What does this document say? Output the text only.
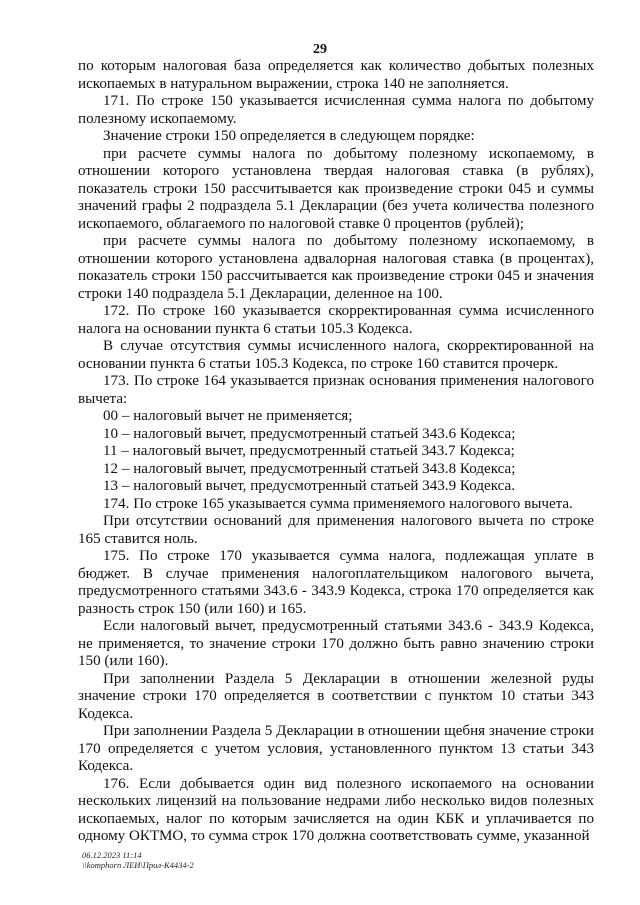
29

по которым налоговая база определяется как количество добытых полезных ископаемых в натуральном выражении, строка 140 не заполняется.

171. По строке 150 указывается исчисленная сумма налога по добытому полезному ископаемому.

Значение строки 150 определяется в следующем порядке:

при расчете суммы налога по добытому полезному ископаемому, в отношении которого установлена твердая налоговая ставка (в рублях), показатель строки 150 рассчитывается как произведение строки 045 и суммы значений графы 2 подраздела 5.1 Декларации (без учета количества полезного ископаемого, облагаемого по налоговой ставке 0 процентов (рублей);

при расчете суммы налога по добытому полезному ископаемому, в отношении которого установлена адвалорная налоговая ставка (в процентах), показатель строки 150 рассчитывается как произведение строки 045 и значения строки 140 подраздела 5.1 Декларации, деленное на 100.

172. По строке 160 указывается скорректированная сумма исчисленного налога на основании пункта 6 статьи 105.3 Кодекса.

В случае отсутствия суммы исчисленного налога, скорректированной на основании пункта 6 статьи 105.3 Кодекса, по строке 160 ставится прочерк.

173. По строке 164 указывается признак основания применения налогового вычета:

00 – налоговый вычет не применяется;

10 – налоговый вычет, предусмотренный статьей 343.6 Кодекса;

11 – налоговый вычет, предусмотренный статьей 343.7 Кодекса;

12 – налоговый вычет, предусмотренный статьей 343.8 Кодекса;

13 – налоговый вычет, предусмотренный статьей 343.9 Кодекса.

174. По строке 165 указывается сумма применяемого налогового вычета.

При отсутствии оснований для применения налогового вычета по строке 165 ставится ноль.

175. По строке 170 указывается сумма налога, подлежащая уплате в бюджет. В случае применения налогоплательщиком налогового вычета, предусмотренного статьями 343.6 - 343.9 Кодекса, строка 170 определяется как разность строк 150 (или 160) и 165.

Если налоговый вычет, предусмотренный статьями 343.6 - 343.9 Кодекса, не применяется, то значение строки 170 должно быть равно значению строки 150 (или 160).

При заполнении Раздела 5 Декларации в отношении железной руды значение строки 170 определяется в соответствии с пунктом 10 статьи 343 Кодекса.

При заполнении Раздела 5 Декларации в отношении щебня значение строки 170 определяется с учетом условия, установленного пунктом 13 статьи 343 Кодекса.

176. Если добывается один вид полезного ископаемого на основании нескольких лицензий на пользование недрами либо несколько видов полезных ископаемых, налог по которым зачисляется на один КБК и уплачивается по одному ОКТМО, то сумма строк 170 должна соответствовать сумме, указанной

06.12.2023 11:14
\\komphorn ЛЕИ\Прил-К4434-2
